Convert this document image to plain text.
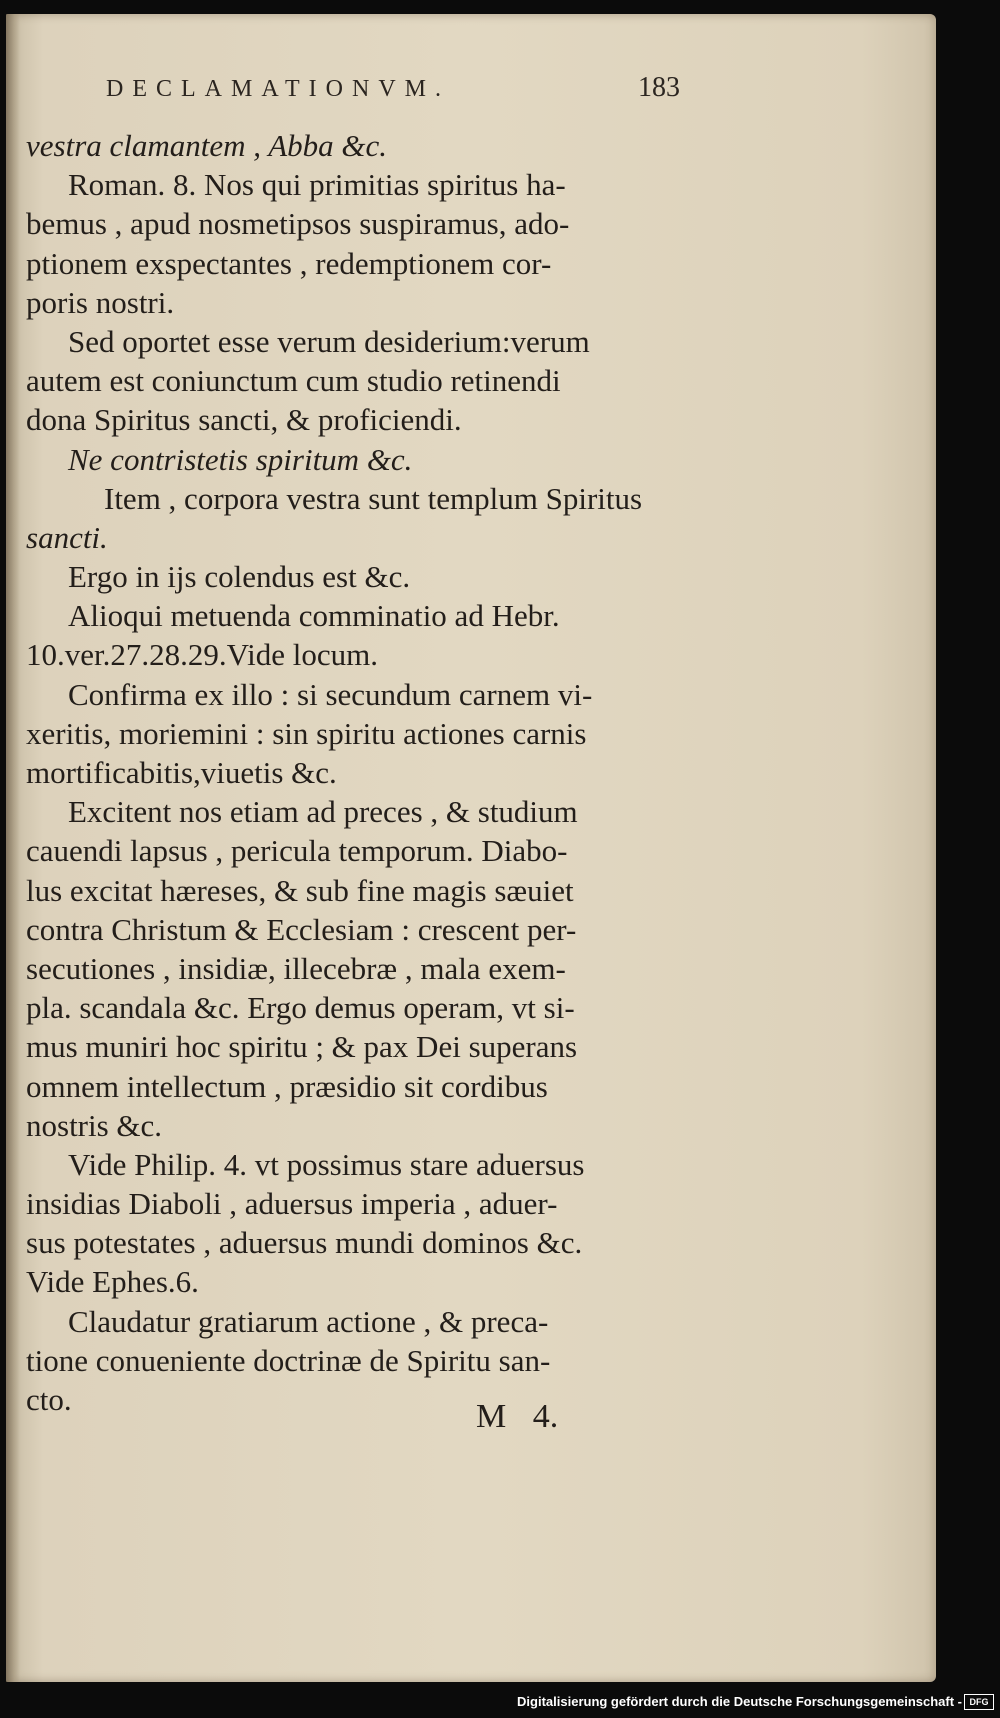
DECLAMATIONVM.	183
vestra clamantem , Abba &c.
Roman. 8. Nos qui primitias spiritus ha-
bemus , apud nosmetipsos suspiramus, ado-
ptionem exspectantes , redemptionem cor-
poris nostri.
Sed oportet esse verum desiderium:verum
autem est coniunctum cum studio retinendi
dona Spiritus sancti, & proficiendi.
Ne contristetis spiritum &c.
Item , corpora vestra sunt templum Spiritus
sancti.
Ergo in ijs colendus est &c.
Alioqui metuenda comminatio ad Hebr.
10.ver.27.28.29.Vide locum.
Confirma ex illo : si secundum carnem vi-
xeritis, moriemini : sin spiritu actiones carnis
mortificabitis,viuetis &c.
Excitent nos etiam ad preces , & studium
cauendi lapsus , pericula temporum. Diabo-
lus excitat hæreses, & sub fine magis sæuiet
contra Christum & Ecclesiam : crescent per-
secutiones , insidiæ, illecebræ , mala exem-
pla. scandala &c. Ergo demus operam, vt si-
mus muniri hoc spiritu ; & pax Dei superans
omnem intellectum , præsidio sit cordibus
nostris &c.
Vide Philip. 4. vt possimus stare aduersus
insidias Diaboli , aduersus imperia , aduer-
sus potestates , aduersus mundi dominos &c.
Vide Ephes.6.
Claudatur gratiarum actione , & preca-
tione conueniente doctrinæ de Spiritu san-
cto.	M 4.
Digitalisierung gefördert durch die Deutsche Forschungsgemeinschaft - DFG
